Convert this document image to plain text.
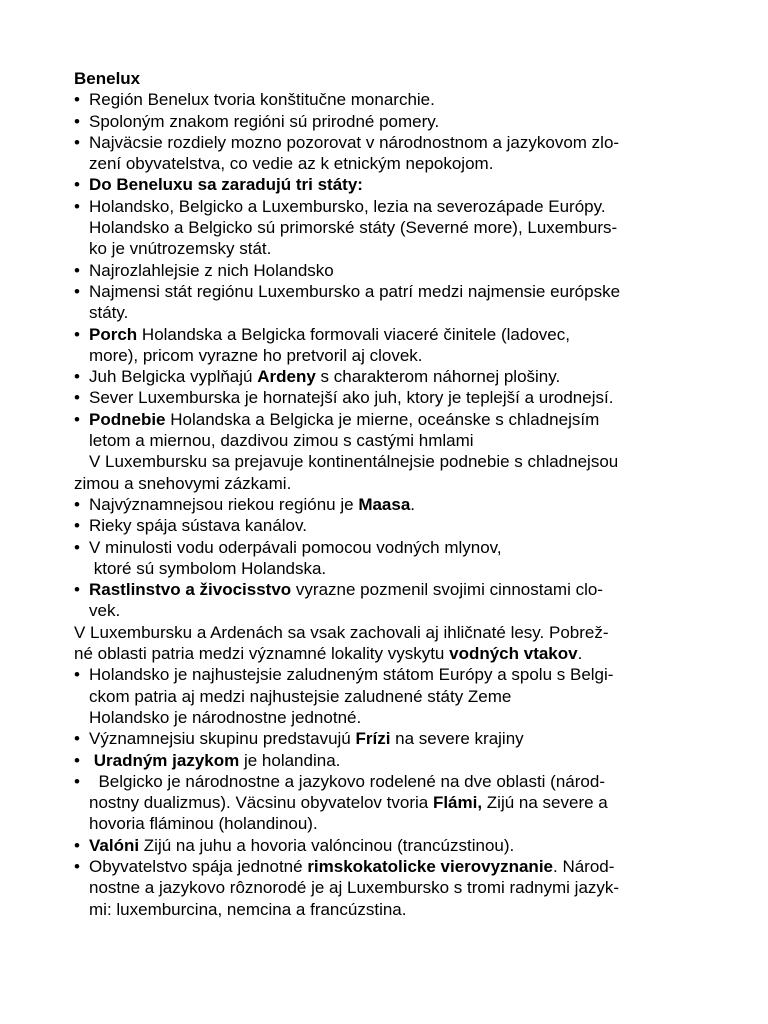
Benelux
• Región Benelux tvoria konštitučne monarchie.
• Spoloným znakom regióni sú prirodné pomery.
• Najväcsie rozdiely mozno pozorovat v národnostnom a jazykovom zlo-
zení obyvatelstva, co vedie az k etnickým nepokojom.
• Do Beneluxu sa zaradujú tri státy:
• Holandsko, Belgicko a Luxembursko, lezia na severozápade Európy.
Holandsko a Belgicko sú primorské státy (Severné more), Luxemburs-
ko je vnútrozemsky stát.
• Najrozlahlejsie z nich Holandsko
• Najmensi stát regiónu Luxembursko a patrí medzi najmensie európske
státy.
• Porch Holandska a Belgicka formovali viaceré činitele (ladovec,
more), pricom vyrazne ho pretvoril aj clovek.
• Juh Belgicka vyplňajú Ardeny s charakterom náhornej plošiny.
• Sever Luxemburska je hornatejší ako juh, ktory je teplejší a urodnejsí.
• Podnebie Holandska a Belgicka je mierne, oceánske s chladnejsím
letom a miernou, dazdivou zimou s castými hmlami
V Luxembursku sa prejavuje kontinentálnejsie podnebie s chladnejsou
zimou a snehovymi zázkami.
• Najvýznamnejsou riekou regiónu je Maasa.
• Rieky spája sústava kanálov.
• V minulosti vodu oderpávali pomocou vodných mlynov,
ktoré sú symbolom Holandska.
• Rastlinstvo a živocisstvo vyrazne pozmenil svojimi cinnostami clo-
vek.
V Luxembursku a Ardenách sa vsak zachovali aj ihličnaté lesy. Pobrež-
né oblasti patria medzi významné lokality vyskytu vodných vtakov.
• Holandsko je najhustejsie zaludneným státom Európy a spolu s Belgi-
ckom patria aj medzi najhustejsie zaludnené státy Zeme
Holandsko je národnostne jednotné.
• Významnejsiu skupinu predstavujú Frízi na severe krajiny
• Uradným jazykom je holandina.
•  Belgicko je národnostne a jazykovo rodelené na dve oblasti (národ-
nostny dualizmus). Väcsinu obyvatelov tvoria Flámi, Zijú na severe a
hovoria fláminou (holandinou).
• Valóni Zijú na juhu a hovoria valóncinou (trancúzstinou).
• Obyvatelstvo spája jednotné rimskokatolicke vierovyznanie. Národ-
nostne a jazykovo rôznorodé je aj Luxembursko s tromi radnymi jazyk-
mi: luxemburcina, nemcina a francúzstina.
